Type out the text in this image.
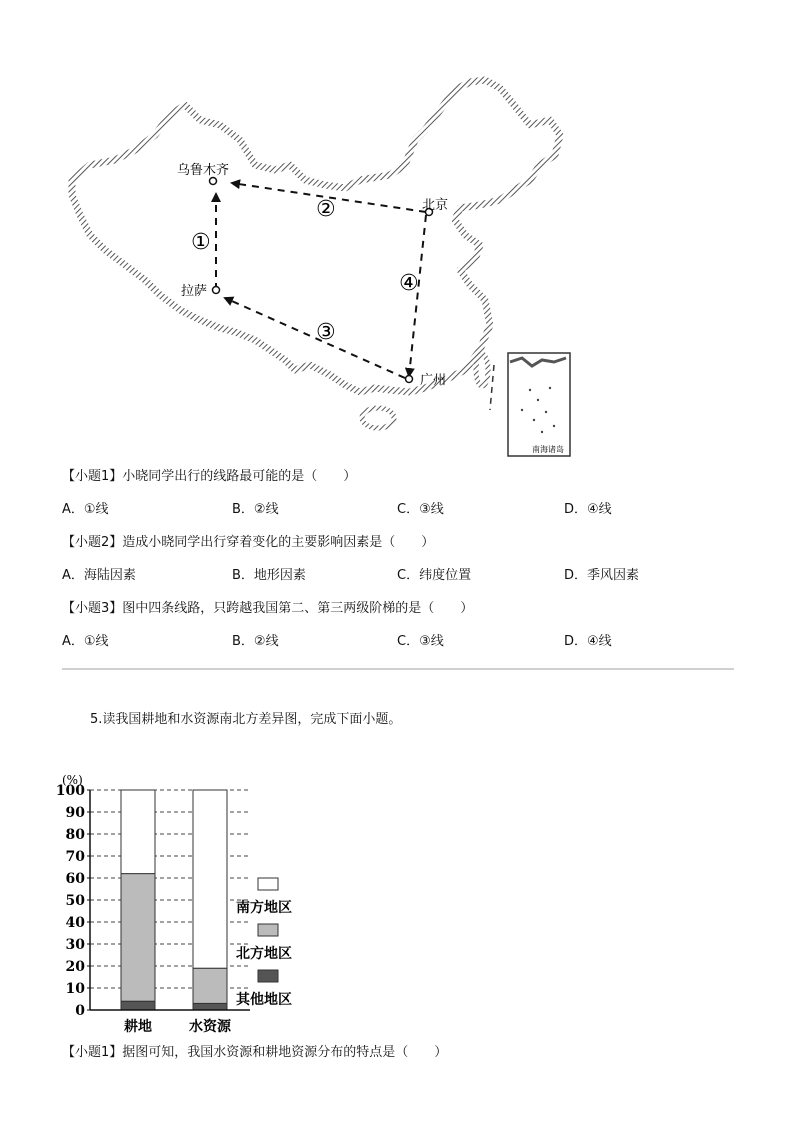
南海诸岛
乌鲁木齐
北京
拉萨
广州
①
②
③
④
【小题1】小晓同学出行的线路最可能的是（　　）
A．①线	B．②线	C．③线	D．④线
【小题2】造成小晓同学出行穿着变化的主要影响因素是（　　）
A．海陆因素	B．地形因素	C．纬度位置	D．季风因素
【小题3】图中四条线路，只跨越我国第二、第三两级阶梯的是（　　）
A．①线	B．②线	C．③线	D．④线
5.读我国耕地和水资源南北方差异图，完成下面小题。
0
10
20
30
40
50
60
70
80
90
100
(%)
耕地	水资源
南方地区
北方地区
其他地区
【小题1】据图可知，我国水资源和耕地资源分布的特点是（　　）
